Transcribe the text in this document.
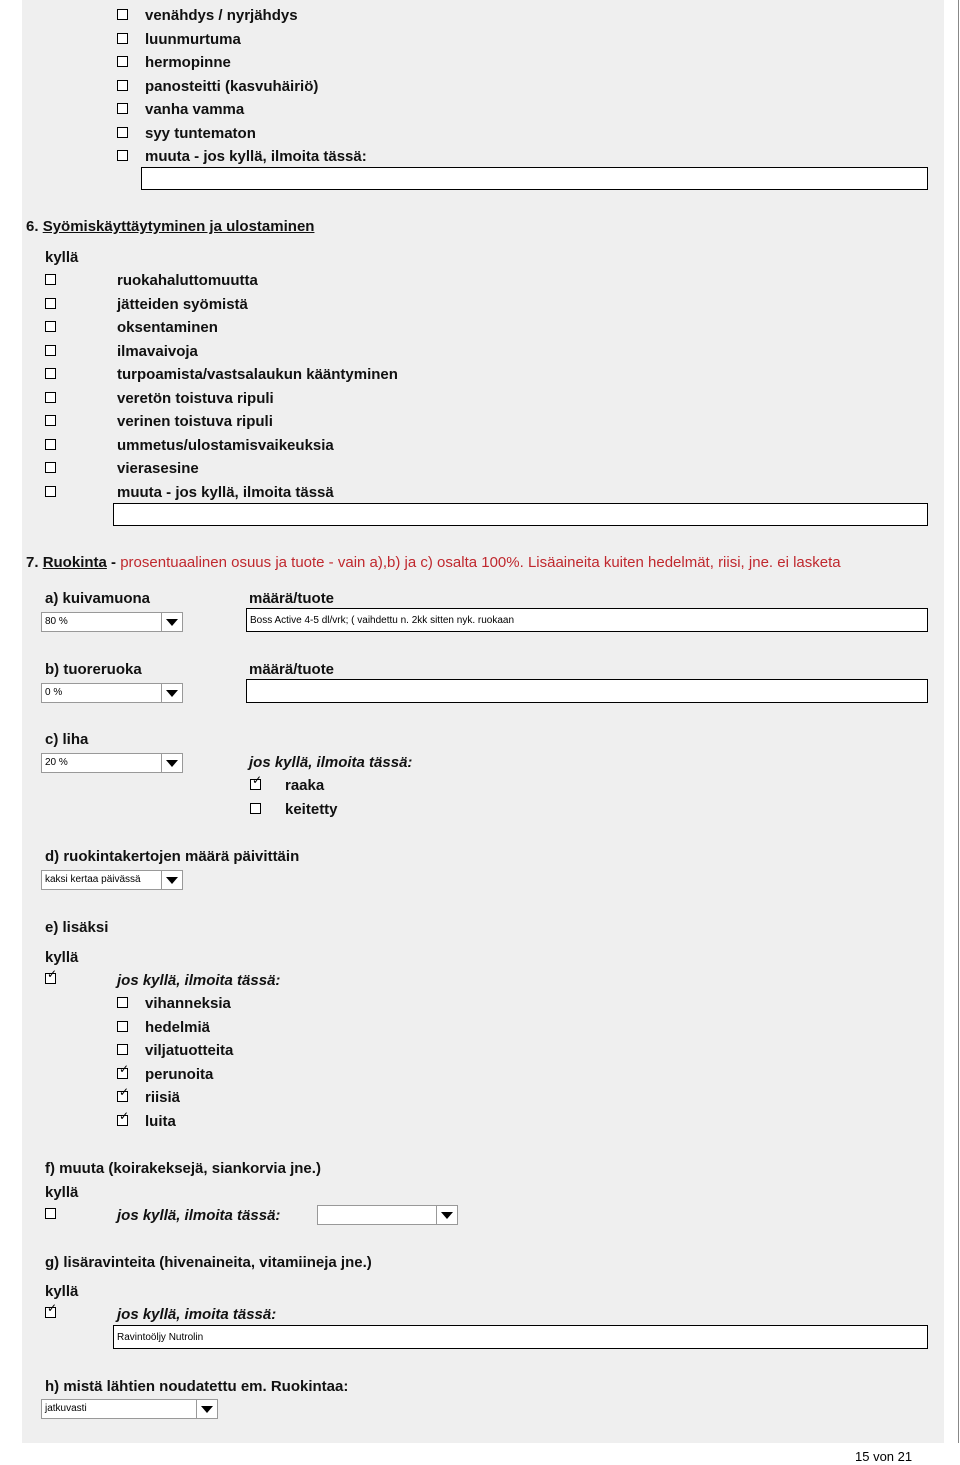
venähdys / nyrjähdys
luunmurtuma
hermopinne
panosteitti (kasvuhäiriö)
vanha vamma
syy tuntematon
muuta - jos kyllä, ilmoita tässä:
6. Syömiskäyttäytyminen ja ulostaminen
kyllä
ruokahaluttomuutta
jätteiden syömistä
oksentaminen
ilmavaivoja
turpoamista/vastsalaukun kääntyminen
veretön toistuva ripuli
verinen toistuva ripuli
ummetus/ulostamisvaikeuksia
vierasesine
muuta - jos kyllä, ilmoita tässä
7. Ruokinta - prosentuaalinen osuus ja tuote - vain a),b) ja c) osalta 100%. Lisäaineita kuiten hedelmät, riisi, jne. ei lasketa
a) kuivamuona	määrä/tuote
80 %	Boss Active 4-5 dl/vrk; ( vaihdettu n. 2kk sitten nyk. ruokaan
b) tuoreruoka	määrä/tuote
0 %
c) liha
20 %	jos kyllä, ilmoita tässä:
✓ raaka
keitetty
d) ruokintakertojen määrä päivittäin
kaksi kertaa päivässä
e) lisäksi
kyllä
✓	jos kyllä, ilmoita tässä:
vihanneksia
hedelmiä
viljatuotteita
✓ perunoita
✓ riisiä
✓ luita
f) muuta (koirakeksejä, siankorvia jne.)
kyllä
jos kyllä, ilmoita tässä:
g) lisäravinteita (hivenaineita, vitamiineja jne.)
kyllä
✓	jos kyllä, imoita tässä:
Ravintoöljy Nutrolin
h) mistä lähtien noudatettu em. Ruokintaa:
jatkuvasti
15 von 21
